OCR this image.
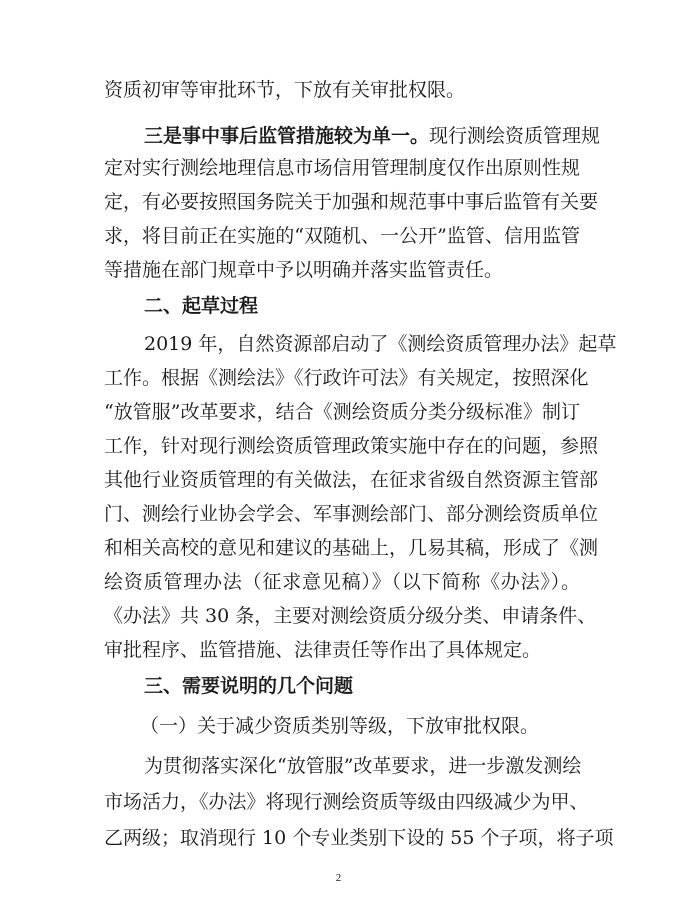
资质初审等审批环节，下放有关审批权限。
三是事中事后监管措施较为单一。现行测绘资质管理规
定对实行测绘地理信息市场信用管理制度仅作出原则性规
定，有必要按照国务院关于加强和规范事中事后监管有关要
求，将目前正在实施的“双随机、一公开”监管、信用监管
等措施在部门规章中予以明确并落实监管责任。
二、起草过程
2019 年，自然资源部启动了《测绘资质管理办法》起草
工作。根据《测绘法》《行政许可法》有关规定，按照深化
“放管服”改革要求，结合《测绘资质分类分级标准》制订
工作，针对现行测绘资质管理政策实施中存在的问题，参照
其他行业资质管理的有关做法，在征求省级自然资源主管部
门、测绘行业协会学会、军事测绘部门、部分测绘资质单位
和相关高校的意见和建议的基础上，几易其稿，形成了《测
绘资质管理办法（征求意见稿）》（以下简称《办法》）。
《办法》共 30 条，主要对测绘资质分级分类、申请条件、
审批程序、监管措施、法律责任等作出了具体规定。
三、需要说明的几个问题
（一）关于减少资质类别等级，下放审批权限。
为贯彻落实深化“放管服”改革要求，进一步激发测绘
市场活力，《办法》将现行测绘资质等级由四级减少为甲、
乙两级；取消现行 10 个专业类别下设的 55 个子项，将子项
2
